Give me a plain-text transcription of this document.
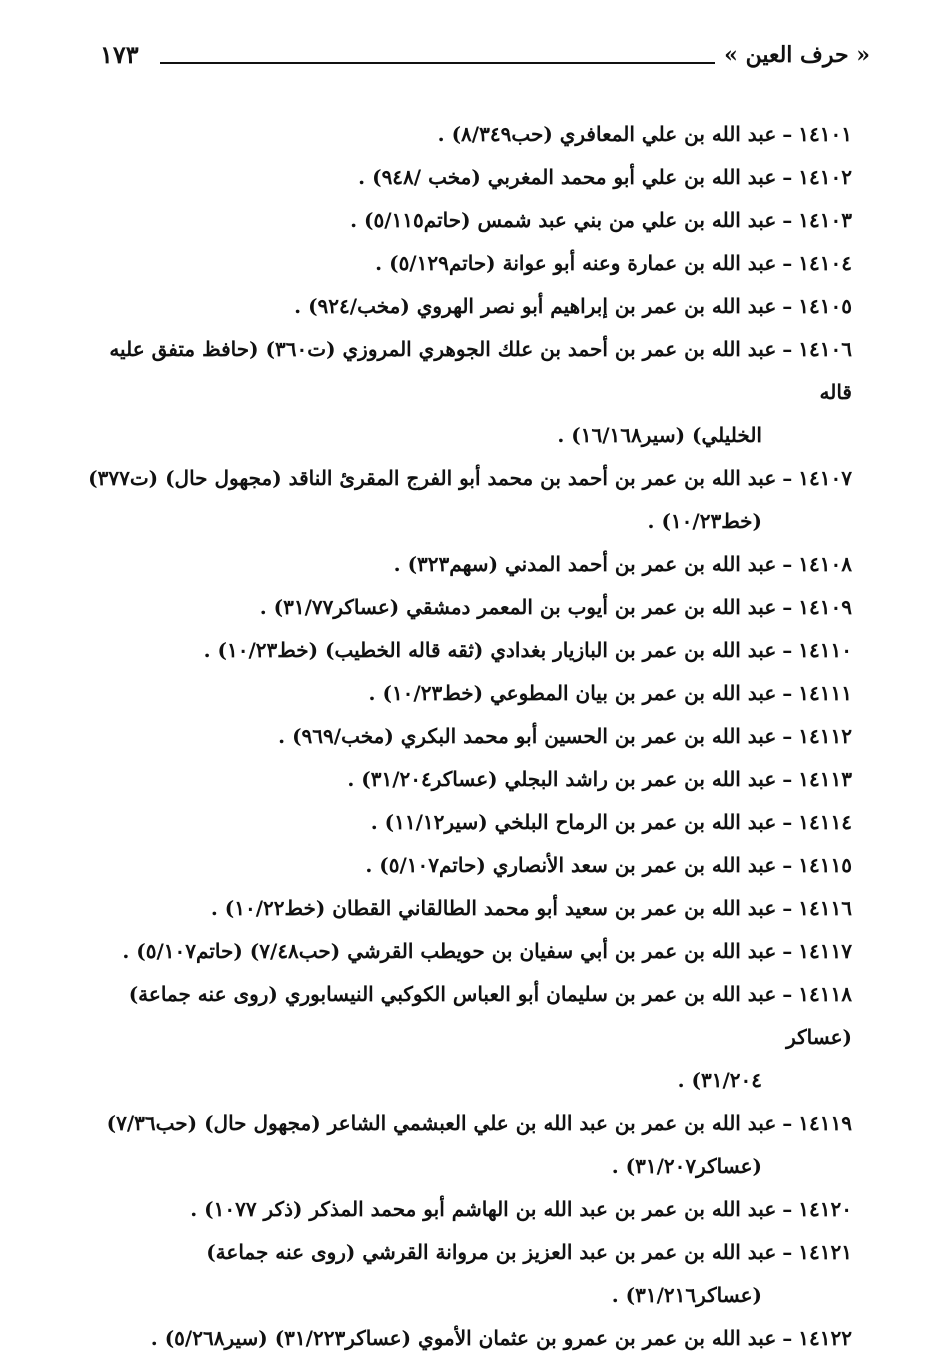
١٧٣	« حرف العين »

١٤١٠١–عبد الله بن علي المعافري (حب٨/٣٤٩) .

١٤١٠٢–عبد الله بن علي أبو محمد المغربي (مخب /٩٤٨) .

١٤١٠٣–عبد الله بن علي من بني عبد شمس (حاتم٥/١١٥) .

١٤١٠٤–عبد الله بن عمارة وعنه أبو عوانة (حاتم٥/١٢٩) .

١٤١٠٥–عبد الله بن عمر بن إبراهيم أبو نصر الهروي (مخب/٩٢٤) .

١٤١٠٦–عبد الله بن عمر بن أحمد بن علك الجوهري المروزي (ت٣٦٠) (حافظ متفق عليه قاله
الخليلي) (سير١٦/١٦٨) .

١٤١٠٧–عبد الله بن عمر بن أحمد بن محمد أبو الفرج المقرئ الناقد (مجهول حال) (ت٣٧٧)
(خط١٠/٢٣) .

١٤١٠٨–عبد الله بن عمر بن أحمد المدني (سهم٣٢٣) .

١٤١٠٩–عبد الله بن عمر بن أيوب بن المعمر دمشقي (عساكر٣١/٧٧) .

١٤١١٠–عبد الله بن عمر بن البازيار بغدادي (ثقه قاله الخطيب) (خط١٠/٢٣) .

١٤١١١–عبد الله بن عمر بن بيان المطوعي (خط١٠/٢٣) .

١٤١١٢–عبد الله بن عمر بن الحسين أبو محمد البكري (مخب/٩٦٩) .

١٤١١٣–عبد الله بن عمر بن راشد البجلي (عساكر٣١/٢٠٤) .

١٤١١٤–عبد الله بن عمر بن الرماح البلخي (سير١١/١٢) .

١٤١١٥–عبد الله بن عمر بن سعد الأنصاري (حاتم٥/١٠٧) .

١٤١١٦–عبد الله بن عمر بن سعيد أبو محمد الطالقاني القطان (خط١٠/٢٢) .

١٤١١٧–عبد الله بن عمر بن أبي سفيان بن حويطب القرشي (حب٧/٤٨) (حاتم٥/١٠٧) .

١٤١١٨–عبد الله بن عمر بن سليمان أبو العباس الكوكبي النيسابوري (روى عنه جماعة) (عساكر
٣١/٢٠٤) .

١٤١١٩–عبد الله بن عمر بن عبد الله بن علي العبشمي الشاعر (مجهول حال) (حب٧/٣٦)
(عساكر٣١/٢٠٧) .

١٤١٢٠–عبد الله بن عمر بن عبد الله بن الهاشم أبو محمد المذكر (ذكر ١٠٧٧) .

١٤١٢١–عبد الله بن عمر بن عبد العزيز بن مروانة القرشي (روى عنه جماعة)
(عساكر٣١/٢١٦) .

١٤١٢٢–عبد الله بن عمر بن عمرو بن عثمان الأموي (عساكر٣١/٢٢٣) (سير٥/٢٦٨) .
